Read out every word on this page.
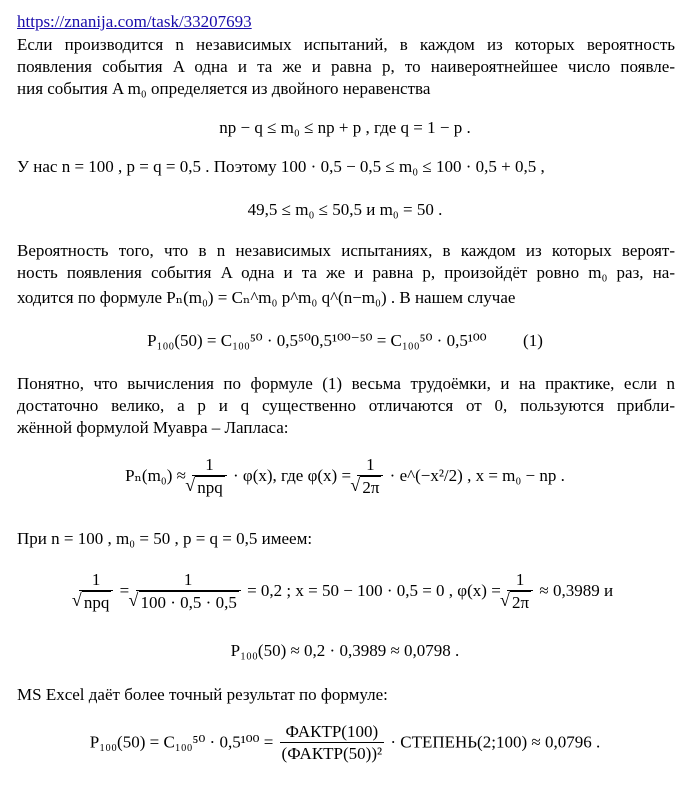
https://znanija.com/task/33207693
Если производится n независимых испытаний, в каждом из которых вероятность
появления события A одна и та же и равна p, то наивероятнейшее число появле-
ния события A m₀ определяется из двойного неравенства
np − q ≤ m₀ ≤ np + p , где q = 1 − p .
У нас n = 100 , p = q = 0,5 . Поэтому 100 · 0,5 − 0,5 ≤ m₀ ≤ 100 · 0,5 + 0,5 ,
49,5 ≤ m₀ ≤ 50,5 и m₀ = 50 .
Вероятность того, что в n независимых испытаниях, в каждом из которых вероят-
ность появления события A одна и та же и равна p, произойдёт ровно m₀ раз, на-
ходится по формуле Pₙ(m₀) = Cₙ^m₀ p^m₀ q^(n−m₀) . В нашем случае
P₁₀₀(50) = C₁₀₀⁵⁰ · 0,5⁵⁰0,5¹⁰⁰⁻⁵⁰ = C₁₀₀⁵⁰ · 0,5¹⁰⁰ (1)
Понятно, что вычисления по формуле (1) весьма трудоёмки, и на практике, если n
достаточно велико, а p и q существенно отличаются от 0, пользуются прибли-
жённой формулой Муавра – Лапласа:
Pₙ(m₀) ≈ 1
√ npq · φ(x), где φ(x) = 1
√ 2π · e^(−x²/2) , x = m₀ − np .
При n = 100 , m₀ = 50 , p = q = 0,5 имеем:
1
√ npq = 1
√ 100 · 0,5 · 0,5 = 0,2 ; x = 50 − 100 · 0,5 = 0 , φ(x) = 1
√ 2π ≈ 0,3989 и
P₁₀₀(50) ≈ 0,2 · 0,3989 ≈ 0,0798 .
MS Excel даёт более точный результат по формуле:
$P_{100}(50) = C_{100}^{50} \cdot 0,5^{100} = \frac{\text{ФАКТР(100)}}{\text{(ФАКТР(50))²}}$ · СТЕПЕНЬ(2;100) ≈ 0,0796 .
